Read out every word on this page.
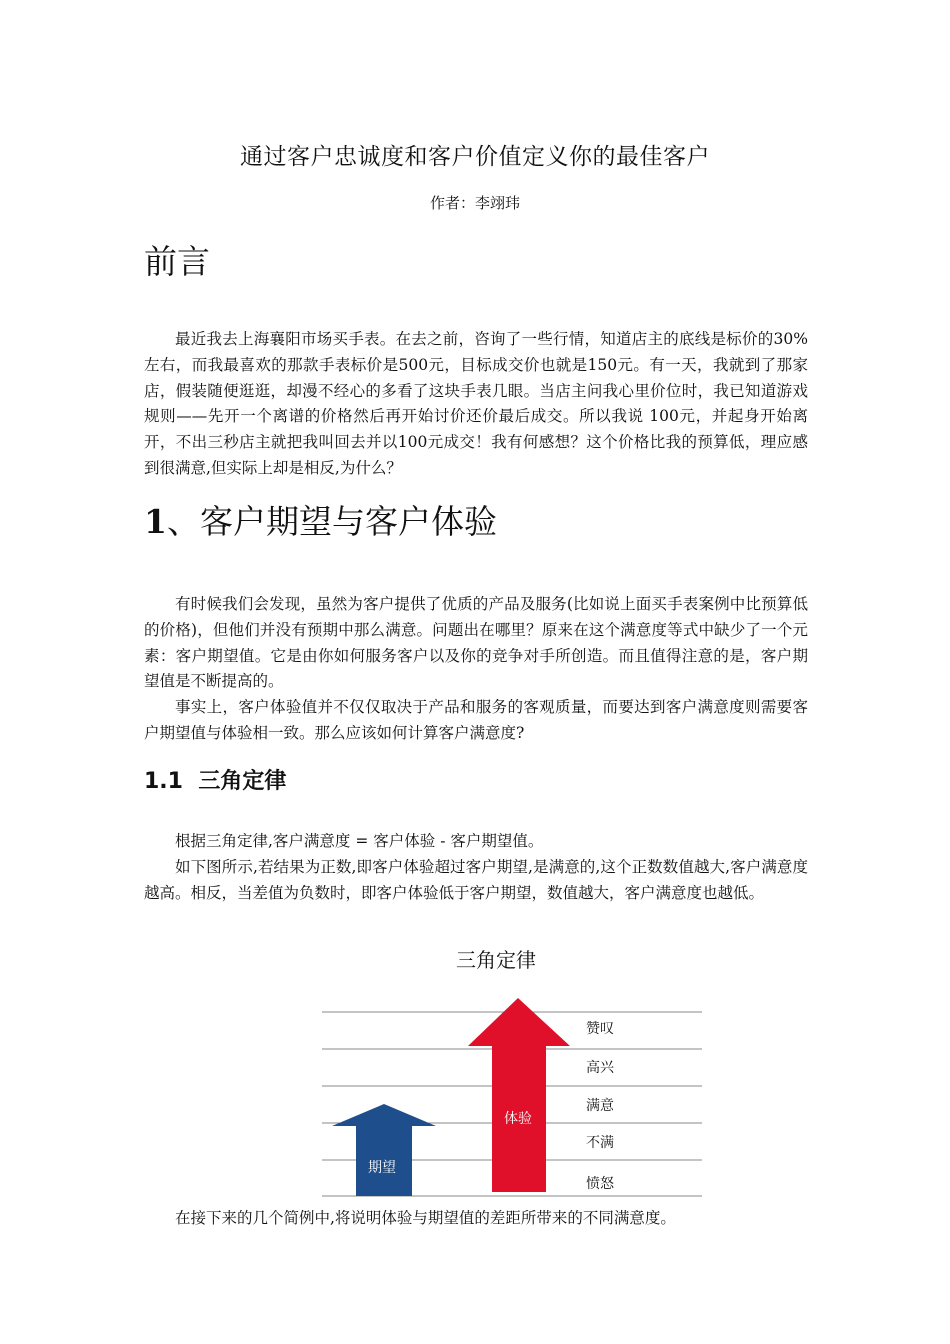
通过客户忠诚度和客户价值定义你的最佳客户
作者：李翊玮
前言

最近我去上海襄阳市场买手表。在去之前，咨询了一些行情，知道店主的底线是标价的30%左右，而我最喜欢的那款手表标价是500元，目标成交价也就是150元。有一天，我就到了那家店，假装随便逛逛，却漫不经心的多看了这块手表几眼。当店主问我心里价位时，我已知道游戏规则——先开一个离谱的价格然后再开始讨价还价最后成交。所以我说 100元，并起身开始离开，不出三秒店主就把我叫回去并以100元成交！我有何感想？这个价格比我的预算低，理应感到很满意,但实际上却是相反,为什么？

1、客户期望与客户体验

有时候我们会发现，虽然为客户提供了优质的产品及服务(比如说上面买手表案例中比预算低的价格)，但他们并没有预期中那么满意。问题出在哪里？原来在这个满意度等式中缺少了一个元素：客户期望值。它是由你如何服务客户以及你的竞争对手所创造。而且值得注意的是，客户期望值是不断提高的。

事实上，客户体验值并不仅仅取决于产品和服务的客观质量，而要达到客户满意度则需要客户期望值与体验相一致。那么应该如何计算客户满意度?

1.1 三角定律

根据三角定律,客户满意度 = 客户体验 - 客户期望值。

如下图所示,若结果为正数,即客户体验超过客户期望,是满意的,这个正数数值越大,客户满意度越高。相反，当差值为负数时，即客户体验低于客户期望，数值越大，客户满意度也越低。

三角定律
赞叹
高兴
满意
不满
愤怒
期望
体验
在接下来的几个简例中,将说明体验与期望值的差距所带来的不同满意度。
